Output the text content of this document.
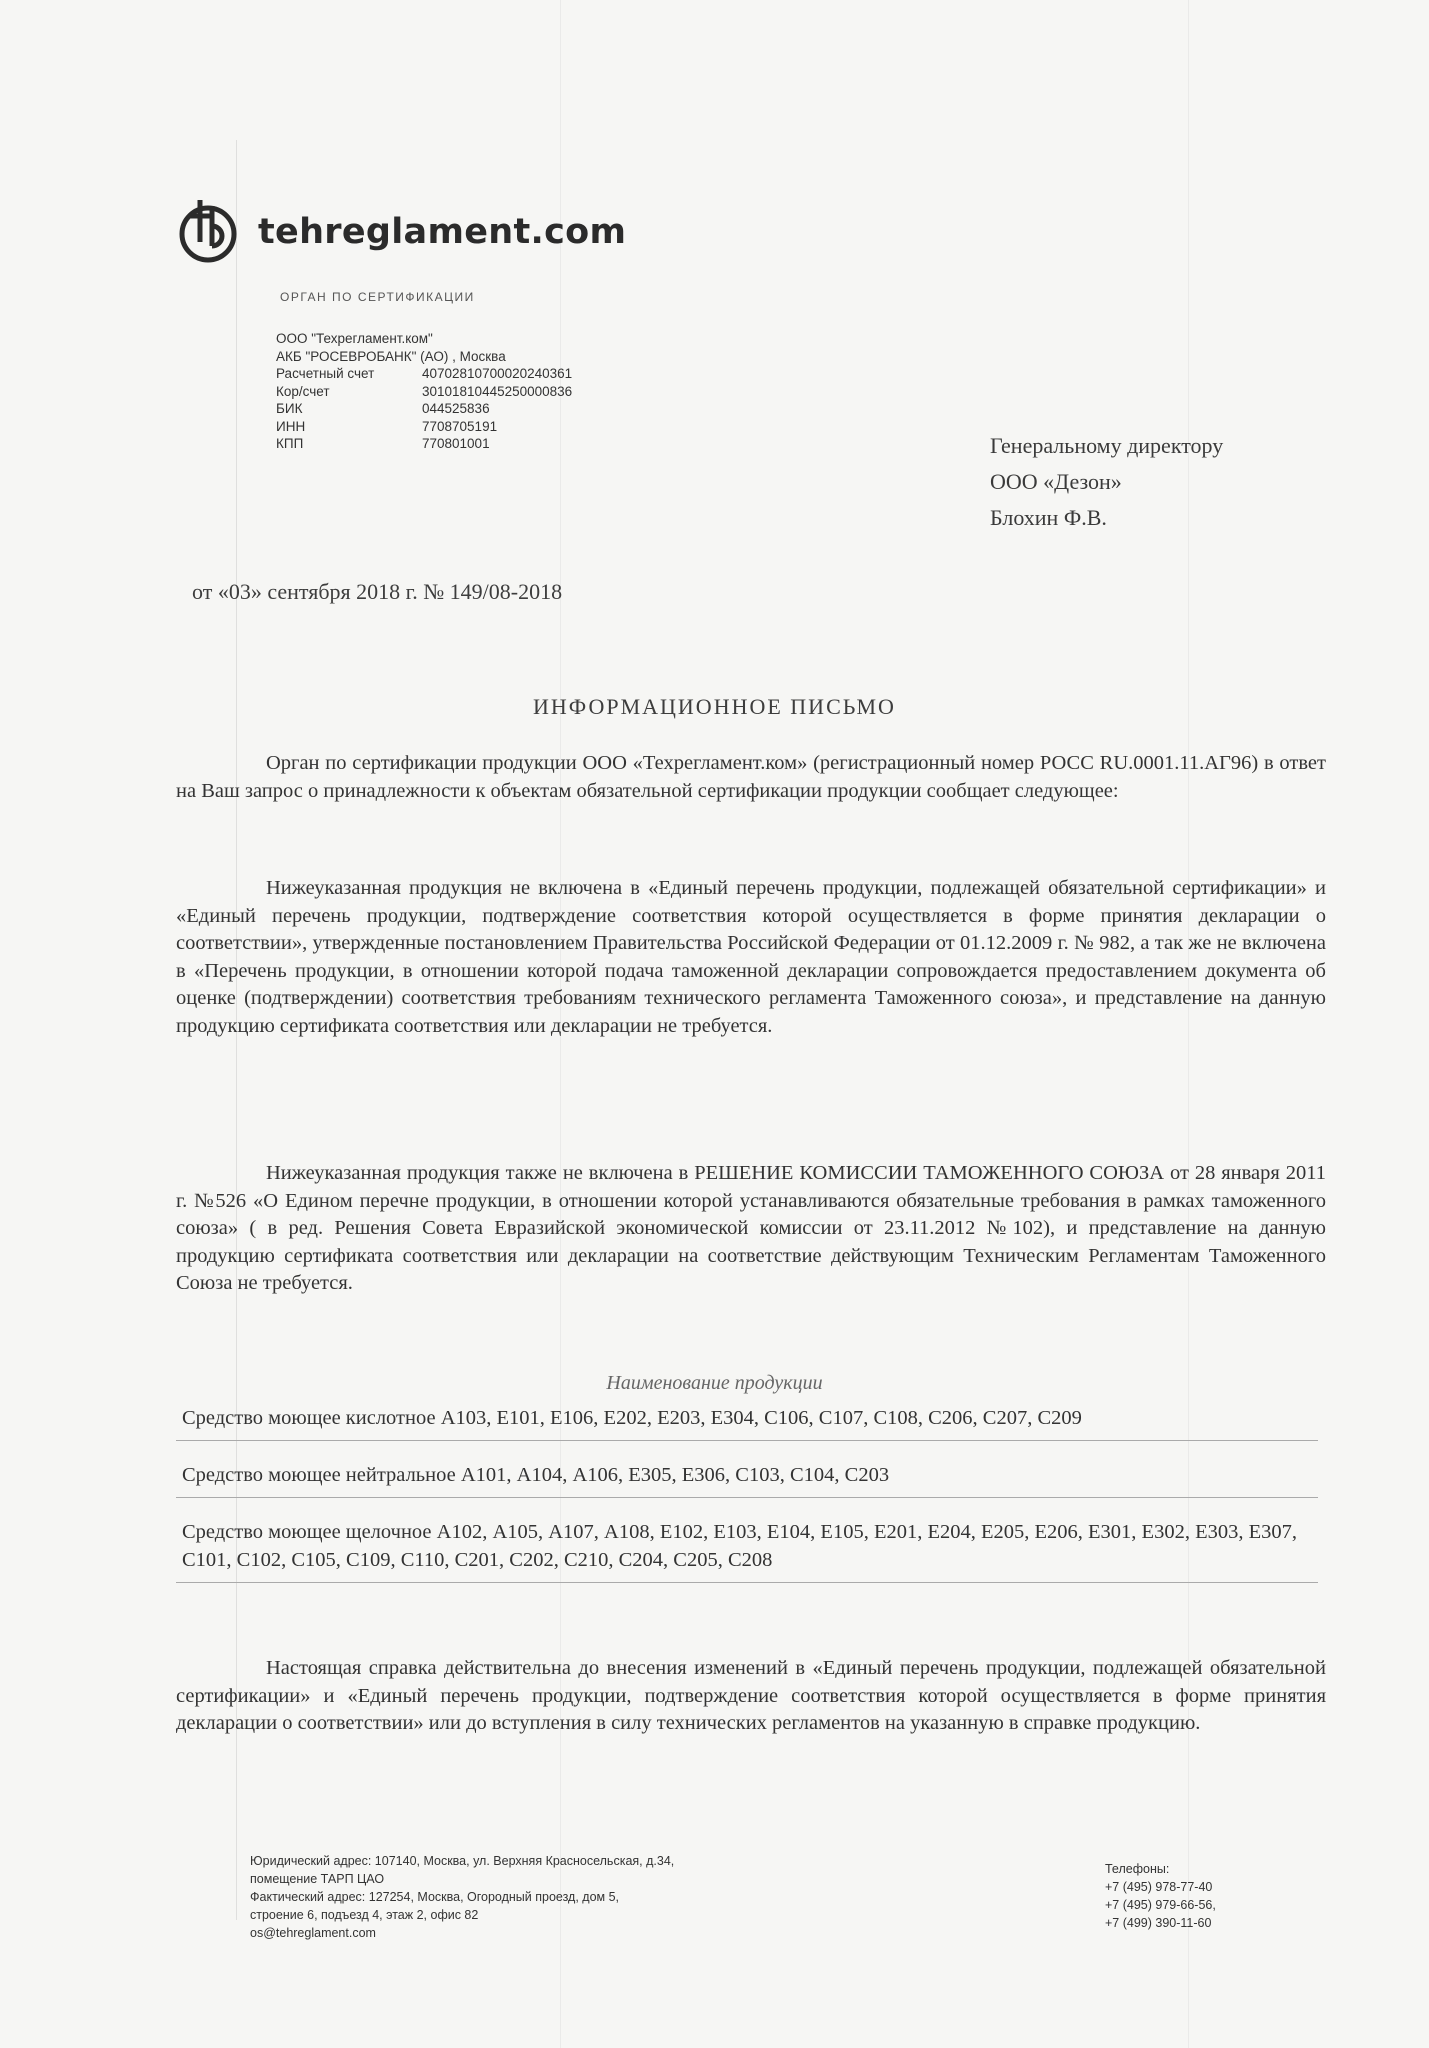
tehreglament.com
ОРГАН ПО СЕРТИФИКАЦИИ
ООО "Техрегламент.ком"
АКБ "РОСЕВРОБАНК" (АО) , Москва
Расчетный счет	40702810700020240361
Кор/счет	30101810445250000836
БИК	044525836
ИНН	7708705191
КПП	770801001	Генеральному директору
ООО «Дезон»
Блохин Ф.В.
от «03» сентября 2018 г. № 149/08-2018
ИНФОРМАЦИОННОЕ ПИСЬМО
Орган по сертификации продукции ООО «Техрегламент.ком» (регистрационный номер РОСС RU.0001.11.АГ96) в ответ на Ваш запрос о принадлежности к объектам обязательной сертификации продукции сообщает следующее:
Нижеуказанная продукция не включена в «Единый перечень продукции, подлежащей обязательной сертификации» и «Единый перечень продукции, подтверждение соответствия которой осуществляется в форме принятия декларации о соответствии», утвержденные постановлением Правительства Российской Федерации от 01.12.2009 г. № 982, а так же не включена в «Перечень продукции, в отношении которой подача таможенной декларации сопровождается предоставлением документа об оценке (подтверждении) соответствия требованиям технического регламента Таможенного союза», и представление на данную продукцию сертификата соответствия или декларации не требуется.
Нижеуказанная продукция также не включена в РЕШЕНИЕ КОМИССИИ ТАМОЖЕННОГО СОЮЗА от 28 января 2011 г. №526 «О Едином перечне продукции, в отношении которой устанавливаются обязательные требования в рамках таможенного союза» ( в ред. Решения Совета Евразийской экономической комиссии от 23.11.2012 №102), и представление на данную продукцию сертификата соответствия или декларации на соответствие действующим Техническим Регламентам Таможенного Союза не требуется.
Наименование продукции
Средство моющее кислотное А103, Е101, Е106, Е202, Е203, Е304, С106, С107, С108, С206, С207, С209
Средство моющее нейтральное А101, А104, А106, Е305, Е306, С103, С104, С203
Средство моющее щелочное А102, А105, А107, А108, Е102, Е103, Е104, Е105, Е201, Е204, Е205, Е206, Е301, Е302, Е303, Е307, С101, С102, С105, С109, С110, С201, С202, С210, С204, С205, С208
Настоящая справка действительна до внесения изменений в «Единый перечень продукции, подлежащей обязательной сертификации» и «Единый перечень продукции, подтверждение соответствия которой осуществляется в форме принятия декларации о соответствии» или до вступления в силу технических регламентов на указанную в справке продукцию.
Юридический адрес: 107140, Москва, ул. Верхняя Красносельская, д.34,
помещение ТАРП ЦАО
Фактический адрес: 127254, Москва, Огородный проезд, дом 5,
строение 6, подъезд 4, этаж 2, офис 82
os@tehreglament.com
Телефоны:
+7 (495) 978-77-40
+7 (495) 979-66-56,
+7 (499) 390-11-60
